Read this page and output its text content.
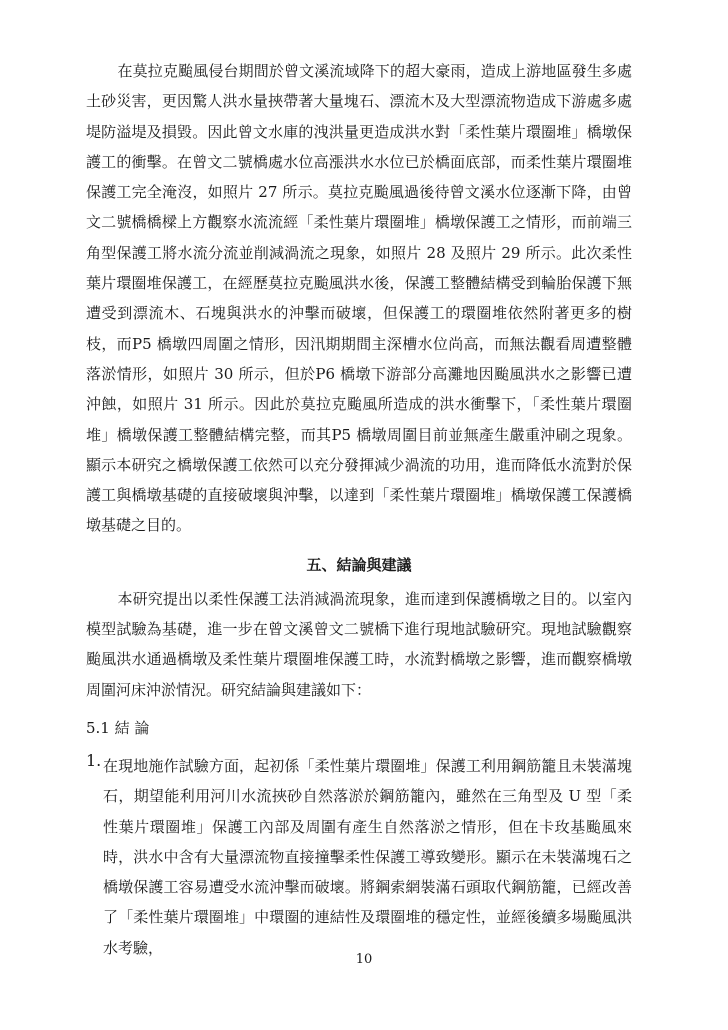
在莫拉克颱風侵台期間於曾文溪流域降下的超大豪雨，造成上游地區發生多處土砂災害，更因驚人洪水量挾帶著大量塊石、漂流木及大型漂流物造成下游處多處堤防溢堤及損毀。因此曾文水庫的洩洪量更造成洪水對「柔性葉片環圈堆」橋墩保護工的衝擊。在曾文二號橋處水位高漲洪水水位已於橋面底部，而柔性葉片環圈堆保護工完全淹沒，如照片 27 所示。莫拉克颱風過後待曾文溪水位逐漸下降，由曾文二號橋橋樑上方觀察水流流經「柔性葉片環圈堆」橋墩保護工之情形，而前端三角型保護工將水流分流並削減渦流之現象，如照片 28 及照片 29 所示。此次柔性葉片環圈堆保護工，在經歷莫拉克颱風洪水後，保護工整體結構受到輪胎保護下無遭受到漂流木、石塊與洪水的沖擊而破壞，但保護工的環圈堆依然附著更多的樹枝，而P5 橋墩四周圍之情形，因汛期期間主深槽水位尚高，而無法觀看周遭整體落淤情形，如照片 30 所示，但於P6 橋墩下游部分高灘地因颱風洪水之影響已遭沖蝕，如照片 31 所示。因此於莫拉克颱風所造成的洪水衝擊下，「柔性葉片環圈堆」橋墩保護工整體結構完整，而其P5 橋墩周圍目前並無產生嚴重沖刷之現象。顯示本研究之橋墩保護工依然可以充分發揮減少渦流的功用，進而降低水流對於保護工與橋墩基礎的直接破壞與沖擊，以達到「柔性葉片環圈堆」橋墩保護工保護橋墩基礎之目的。

五、結論與建議

本研究提出以柔性保護工法消減渦流現象，進而達到保護橋墩之目的。以室內模型試驗為基礎，進一步在曾文溪曾文二號橋下進行現地試驗研究。現地試驗觀察颱風洪水通過橋墩及柔性葉片環圈堆保護工時，水流對橋墩之影響，進而觀察橋墩周圍河床沖淤情況。研究結論與建議如下：

5.1 結 論
1. 在現地施作試驗方面，起初係「柔性葉片環圈堆」保護工利用鋼筋籠且未裝滿塊石，期望能利用河川水流挾砂自然落淤於鋼筋籠內，雖然在三角型及 U 型「柔性葉片環圈堆」保護工內部及周圍有產生自然落淤之情形，但在卡玫基颱風來時，洪水中含有大量漂流物直接撞擊柔性保護工導致變形。顯示在未裝滿塊石之橋墩保護工容易遭受水流沖擊而破壞。將鋼索網裝滿石頭取代鋼筋籠，已經改善了「柔性葉片環圈堆」中環圈的連結性及環圈堆的穩定性，並經後續多場颱風洪水考驗，

10
